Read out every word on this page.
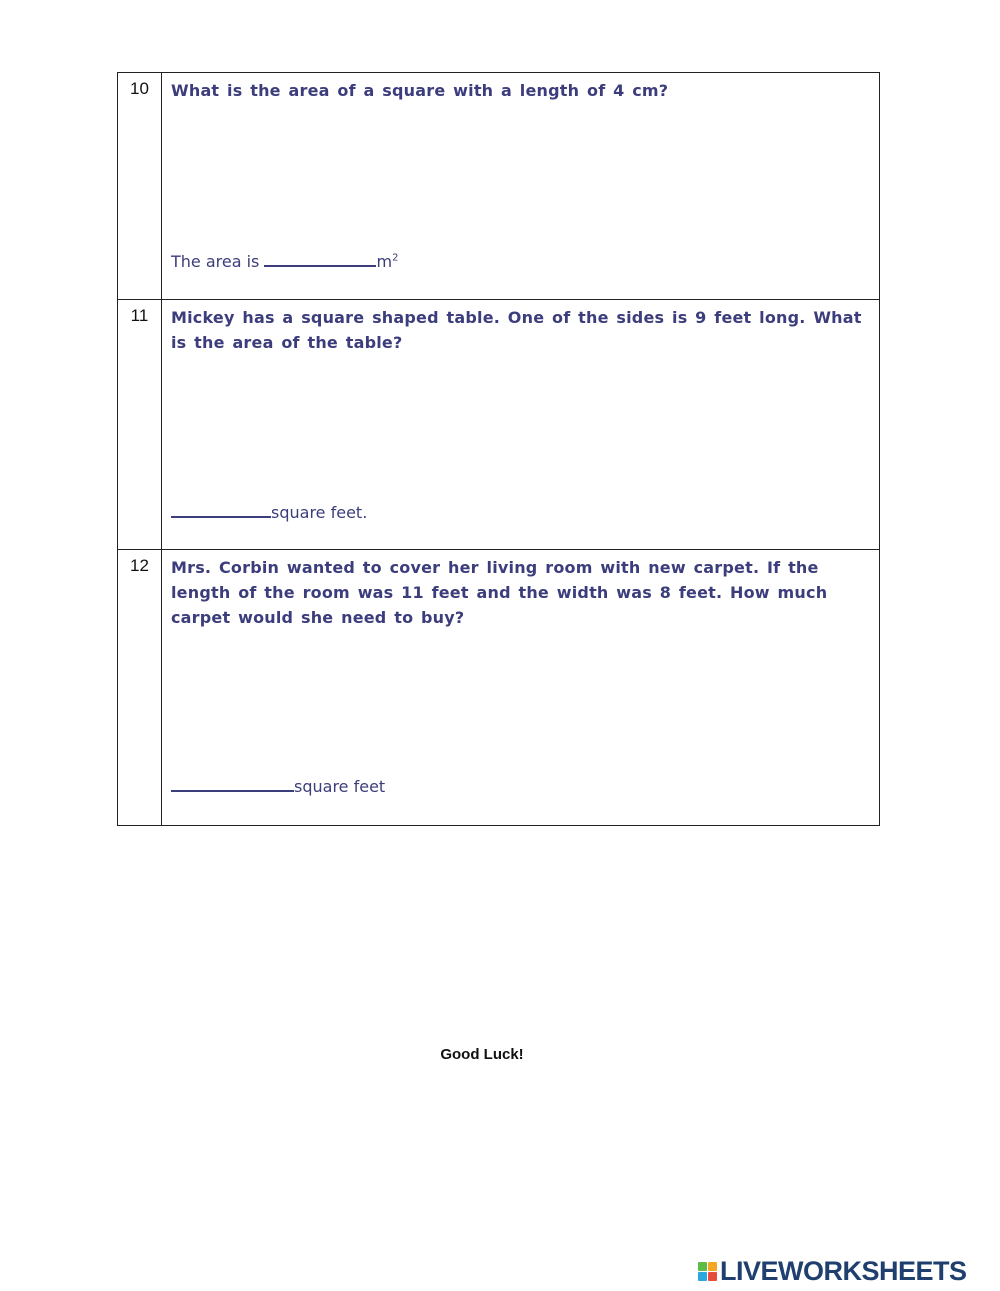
10	What is the area of a square with a length of 4 cm?
The area is $m^2$

11	Mickey has a square shaped table. One of the sides is 9 feet long. What is the area of the table?
square feet.

12	Mrs. Corbin wanted to cover her living room with new carpet. If the length of the room was 11 feet and the width was 8 feet. How much carpet would she need to buy?
square feet
Good Luck!
LIVEWORKSHEETS
